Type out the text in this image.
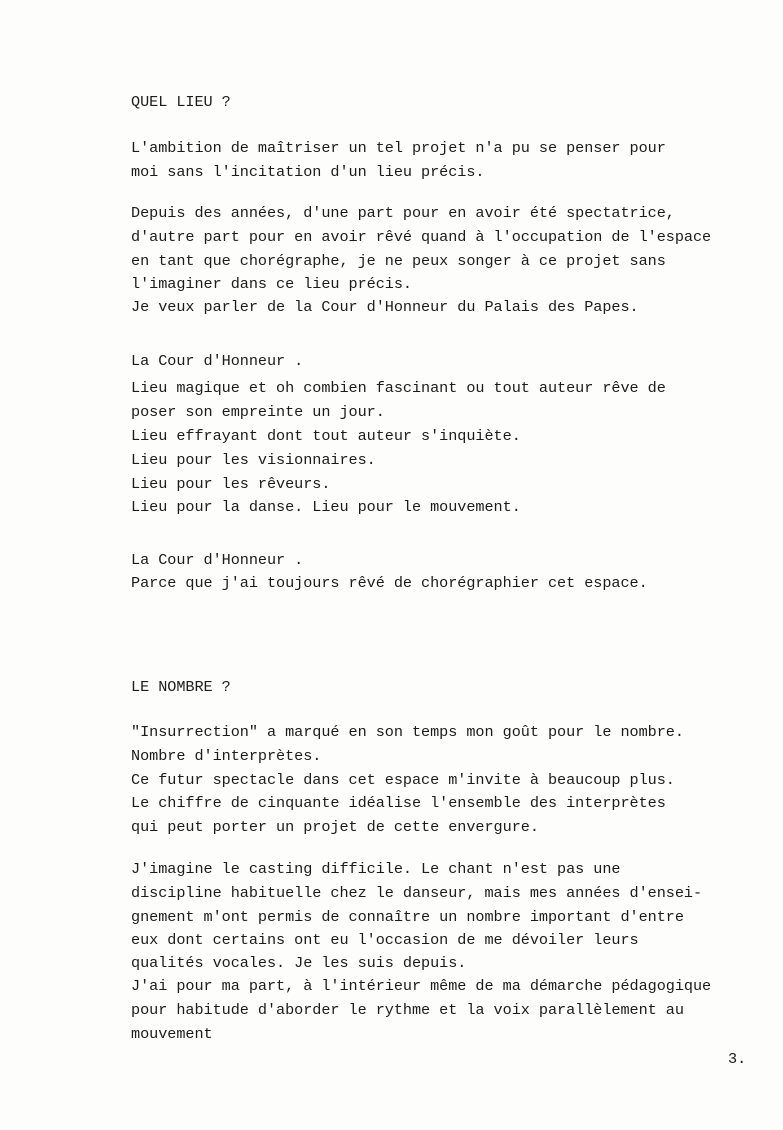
QUEL LIEU ?
L'ambition de maîtriser un tel projet n'a pu se penser pour
moi sans l'incitation d'un lieu précis.
Depuis des années, d'une part pour en avoir été spectatrice,
d'autre part pour en avoir rêvé quand à l'occupation de l'espace
en tant que chorégraphe, je ne peux songer à ce projet sans
l'imaginer dans ce lieu précis.
Je veux parler de la Cour d'Honneur du Palais des Papes.
La Cour d'Honneur .
Lieu magique et oh combien fascinant ou tout auteur rêve de
poser son empreinte un jour.
Lieu effrayant dont tout auteur s'inquiète.
Lieu pour les visionnaires.
Lieu pour les rêveurs.
Lieu pour la danse. Lieu pour le mouvement.
La Cour d'Honneur .
Parce que j'ai toujours rêvé de chorégraphier cet espace.
LE NOMBRE ?
"Insurrection" a marqué en son temps mon goût pour le nombre.
Nombre d'interprètes.
Ce futur spectacle dans cet espace m'invite à beaucoup plus.
Le chiffre de cinquante idéalise l'ensemble des interprètes
qui peut porter un projet de cette envergure.
J'imagine le casting difficile. Le chant n'est pas une
discipline habituelle chez le danseur, mais mes années d'ensei-
gnement m'ont permis de connaître un nombre important d'entre
eux dont certains ont eu l'occasion de me dévoiler leurs
qualités vocales. Je les suis depuis.
J'ai pour ma part, à l'intérieur même de ma démarche pédagogique
pour habitude d'aborder le rythme et la voix parallèlement au
mouvement
3.
